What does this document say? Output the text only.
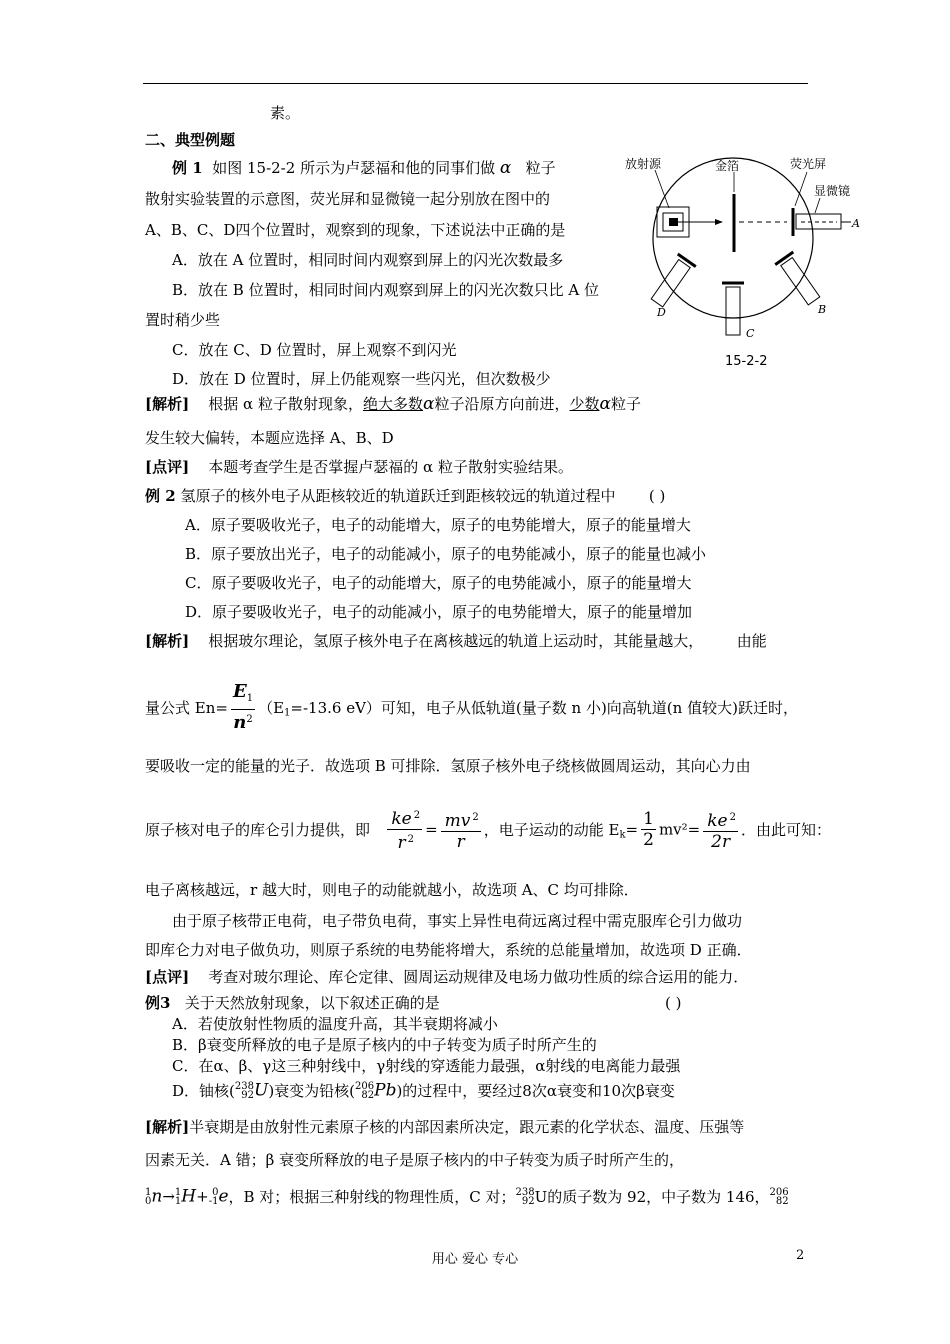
素。
二、典型例题
例 1 如图 15-2-2 所示为卢瑟福和他的同事们做 α 粒子
散射实验装置的示意图，荧光屏和显微镜一起分别放在图中的
A、B、C、D四个位置时，观察到的现象，下述说法中正确的是
A．放在 A 位置时，相同时间内观察到屏上的闪光次数最多
B．放在 B 位置时，相同时间内观察到屏上的闪光次数只比 A 位
置时稍少些
C．放在 C、D 位置时，屏上观察不到闪光
D．放在 D 位置时，屏上仍能观察一些闪光，但次数极少
[解析] 根据 α 粒子散射现象，绝大多数α粒子沿原方向前进，少数α粒子
发生较大偏转，本题应选择 A、B、D
[点评] 本题考查学生是否掌握卢瑟福的 α 粒子散射实验结果。
例 2 氢原子的核外电子从距核较近的轨道跃迁到距核较远的轨道过程中 ( )
A．原子要吸收光子，电子的动能增大，原子的电势能增大，原子的能量增大
B．原子要放出光子，电子的动能减小，原子的电势能减小，原子的能量也减小
C．原子要吸收光子，电子的动能增大，原子的电势能减小，原子的能量增大
D．原子要吸收光子，电子的动能减小，原子的电势能增大，原子的能量增加
[解析] 根据玻尔理论，氢原子核外电子在离核越远的轨道上运动时，其能量越大， 由能
量公式 $En= \frac{E_1}{n^2} (E_1=-13.6$ eV）可知，电子从低轨道(量子数 n 小)向高轨道(n 值较大)跃迁时，
要吸收一定的能量的光子．故选项 B 可排除．氢原子核外电子绕核做圆周运动，其向心力由
原子核对电子的库仑引力提供，即 $\frac{ke ^2}{r ^2} = \frac{mv ^2}{r}$ ，电子运动的动能 $E_k= \frac{1}{2} mv^2= \frac{ke ^2}{2r}$ ．由此可知：
电子离核越远，r 越大时，则电子的动能就越小，故选项 A、C 均可排除．
由于原子核带正电荷，电子带负电荷，事实上异性电荷远离过程中需克服库仑引力做功
即库仑力对电子做负功，则原子系统的电势能将增大，系统的总能量增加，故选项 D 正确．
[点评] 考查对玻尔理论、库仑定律、圆周运动规律及电场力做功性质的综合运用的能力．
例3 关于天然放射现象，以下叙述正确的是	( )
A．若使放射性物质的温度升高，其半衰期将减小
B．β衰变所释放的电子是原子核内的中子转变为质子时所产生的
C．在α、β、γ这三种射线中，γ射线的穿透能力最强，α射线的电离能力最强
D．铀核( 238
92 U)衰变为铅核( 206
82 Pb)的过程中，要经过8次α衰变和10次β衰变
[解析]半衰期是由放射性元素原子核的内部因素所决定，跟元素的化学状态、温度、压强等
因素无关．A 错；β 衰变所释放的电子是原子核内的中子转变为质子时所产生的，
1
0 n→ 1
1 H+ 0
-1 e，B 对；根据三种射线的物理性质，C 对； 238
92 U的质子数为 92，中子数为 146， 206
82
放射源	金箔	荧光屏
显微镜
A
B
C
D
15-2-2
用心 爱心 专心	2
